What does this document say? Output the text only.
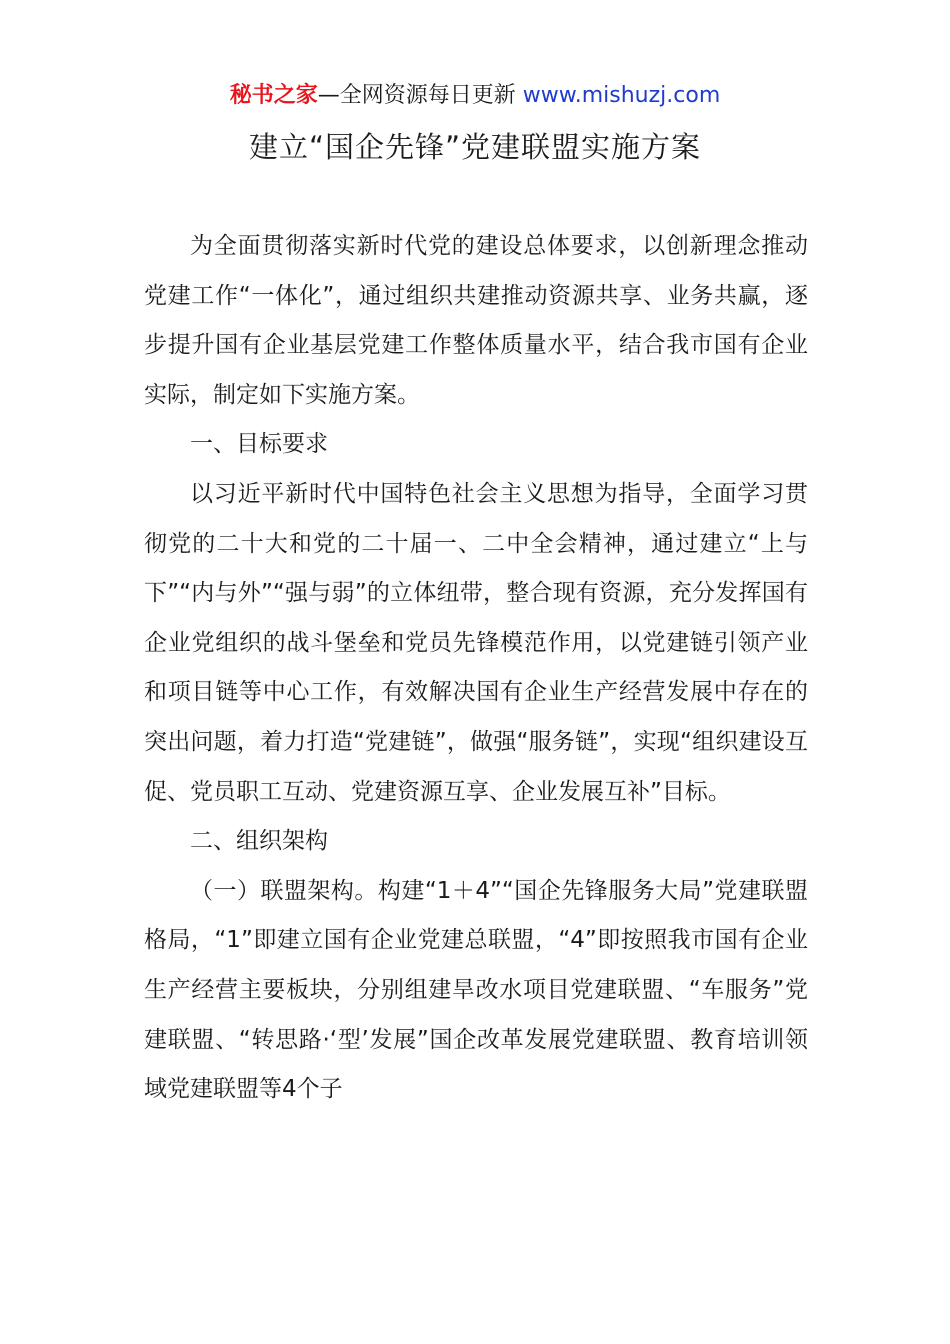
秘书之家—全网资源每日更新 www.mishuzj.com
建立“国企先锋”党建联盟实施方案

为全面贯彻落实新时代党的建设总体要求，以创新理念推动党建工作“一体化”，通过组织共建推动资源共享、业务共赢，逐步提升国有企业基层党建工作整体质量水平，结合我市国有企业实际，制定如下实施方案。

一、目标要求

以习近平新时代中国特色社会主义思想为指导，全面学习贯彻党的二十大和党的二十届一、二中全会精神，通过建立“上与下”“内与外”“强与弱”的立体纽带，整合现有资源，充分发挥国有企业党组织的战斗堡垒和党员先锋模范作用，以党建链引领产业和项目链等中心工作，有效解决国有企业生产经营发展中存在的突出问题，着力打造“党建链”，做强“服务链”，实现“组织建设互促、党员职工互动、党建资源互享、企业发展互补”目标。

二、组织架构

（一）联盟架构。构建“1＋4”“国企先锋服务大局”党建联盟格局，“1”即建立国有企业党建总联盟，“4”即按照我市国有企业生产经营主要板块，分别组建旱改水项目党建联盟、“车服务”党建联盟、“转思路·‘型’发展”国企改革发展党建联盟、教育培训领域党建联盟等4个子
